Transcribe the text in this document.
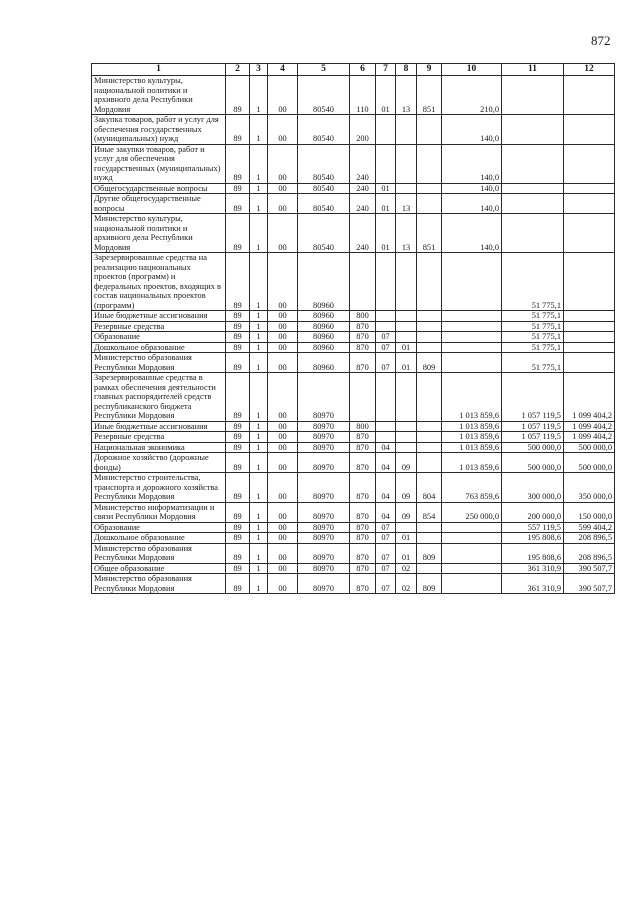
872
1	2	3	4	5	6	7	8	9	10	11	12
Министерство культуры, национальной политики и архивного дела Республики Мордовия	89	1	00	80540	110	01	13	851	210,0		
Закупка товаров, работ и услуг для обеспечения государственных (муниципальных) нужд	89	1	00	80540	200				140,0		
Иные закупки товаров, работ и услуг для обеспечения государственных (муниципальных) нужд	89	1	00	80540	240				140,0		
Общегосударственные вопросы	89	1	00	80540	240	01			140,0		
Другие общегосударственные вопросы	89	1	00	80540	240	01	13		140,0		
Министерство культуры, национальной политики и архивного дела Республики Мордовия	89	1	00	80540	240	01	13	851	140,0		
Зарезервированные средства на реализацию национальных проектов (программ) и федеральных проектов, входящих в состав национальных проектов (программ)	89	1	00	80960						51 775,1	
Иные бюджетные ассигнования	89	1	00	80960	800					51 775,1	
Резервные средства	89	1	00	80960	870					51 775,1	
Образование	89	1	00	80960	870	07				51 775,1	
Дошкольное образование	89	1	00	80960	870	07	01			51 775,1	
Министерство образования Республики Мордовия	89	1	00	80960	870	07	01	809		51 775,1	
Зарезервированные средства в рамках обеспечения деятельности главных распорядителей средств республиканского бюджета Республики Мордовия	89	1	00	80970					1 013 859,6	1 057 119,5	1 099 404,2
Иные бюджетные ассигнования	89	1	00	80970	800				1 013 859,6	1 057 119,5	1 099 404,2
Резервные средства	89	1	00	80970	870				1 013 859,6	1 057 119,5	1 099 404,2
Национальная экономика	89	1	00	80970	870	04			1 013 859,6	500 000,0	500 000,0
Дорожное хозяйство (дорожные фонды)	89	1	00	80970	870	04	09		1 013 859,6	500 000,0	500 000,0
Министерство строительства, транспорта и дорожного хозяйства Республики Мордовия	89	1	00	80970	870	04	09	804	763 859,6	300 000,0	350 000,0
Министерство информатизации и связи Республики Мордовия	89	1	00	80970	870	04	09	854	250 000,0	200 000,0	150 000,0
Образование	89	1	00	80970	870	07				557 119,5	599 404,2
Дошкольное образование	89	1	00	80970	870	07	01			195 808,6	208 896,5
Министерство образования Республики Мордовия	89	1	00	80970	870	07	01	809		195 808,6	208 896,5
Общее образование	89	1	00	80970	870	07	02			361 310,9	390 507,7
Министерство образования Республики Мордовия	89	1	00	80970	870	07	02	809		361 310,9	390 507,7
